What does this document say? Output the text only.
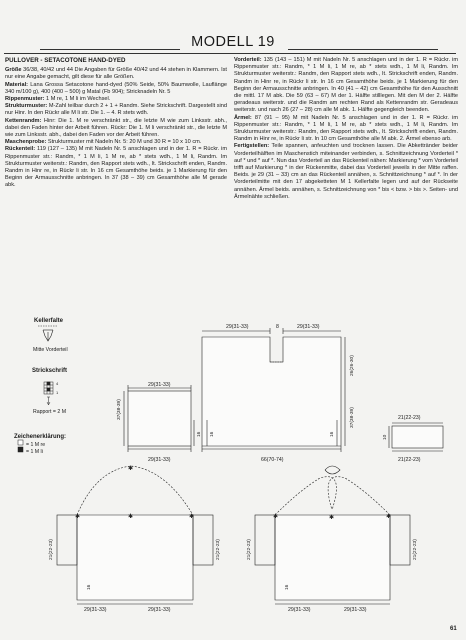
MODELL 19

PULLOVER - SETACOTONE HAND-DYED

Größe 36/38, 40/42 und 44 Die Angaben für Größe 40/42 und 44 stehen in Klammern. Ist nur eine Angabe gemacht, gilt diese für alle Größen.

Material: Lana Grossa Setacotone hand-dyed (50% Seide, 50% Baumwolle, Lauflänge 340 m/100 g), 400 (400 – 500) g Matal (Fb 904); Stricknadeln Nr. 5

Rippenmuster: 1 M re, 1 M li im Wechsel.

Strukturmuster: M-Zahl teilbar durch 2 + 1 + Randm. Siehe Strickschrift. Dargestellt sind nur Hinr. In den Rückr alle M li str. Die 1. – 4. R stets wdh.

Kettenrandm: Hinr: Die 1. M re verschränkt str., die letzte M wie zum Linksstr. abh., dabei den Faden hinter der Arbeit führen. Rückr: Die 1. M li verschränkt str., die letzte M wie zum Linksstr. abh., dabei den Faden vor der Arbeit führen.

Maschenprobe: Strukturmuster mit Nadeln Nr. 5: 20 M und 30 R = 10 x 10 cm.

Rückenteil: 119 (127 – 135) M mit Nadeln Nr. 5 anschlagen und in der 1. R = Rückr. im Rippenmuster str.: Randm, * 1 M li, 1 M re, ab * stets wdh., 1 M li, Randm. Im Strukturmuster weiterstr.: Randm, den Rapport stets wdh., It. Strickschrift enden, Randm. Randm in Hinr re, in Rückr li str. In 16 cm Gesamthöhe beids. je 1 Markierung für den Beginn der Armausschnitte anbringen. In 37 (38 – 39) cm Gesamthöhe alle M gerade abk.

Vorderteil: 135 (143 – 151) M mit Nadeln Nr. 5 anschlagen und in der 1. R = Rückr. im Rippenmuster str.: Randm, * 1 M li, 1 M re, ab * stets wdh., 1 M li, Randm. Im Strukturmuster weiterstr.: Randm, den Rapport stets wdh., It. Strickschrift enden, Randm. Randm in Hinr re, in Rückr li str. In 16 cm Gesamthöhe beids. je 1 Markierung für den Beginn der Armausschnitte anbringen. In 40 (41 – 42) cm Gesamthöhe für den Ausschnitt die mittl. 17 M abk. Die 59 (63 – 67) M der 1. Hälfte stilllegen. Mit den M der 2. Hälfte geradeaus weiterstr. und die Randm am rechten Rand als Kettenrandm str. Geradeaus weiterstr. und nach 26 (27 – 28) cm alle M abk. 1. Hälfte gegengleich beenden.

Ärmel: 87 (91 – 95) M mit Nadeln Nr. 5 anschlagen und in der 1. R = Rückr. im Rippenmuster str.: Randm, * 1 M li, 1 M re, ab * stets wdh., 1 M li, Randm. Im Strukturmuster weiterstr.: Randm, den Rapport stets wdh., It. Strickschrift enden, Randm. Randm in Hinr re, in Rückr li str. In 10 cm Gesamthöhe alle M abk. 2. Ärmel ebenso arb.

Fertigstellen: Teile spannen, anfeuchten und trocknen lassen. Die Abkettränder beider Vorderteilhälften im Maschenstich miteinander verbinden, s. Schnittzeichnung Vorderteil * auf * und * auf *. Nun das Vorderteil an das Rückenteil nähen: Markierung * vom Vorderteil trifft auf Markierung * in der Rückenmitte, dabei das Vorderteil jeweils in der Mitte raffen. Beids. je 29 (31 – 33) cm an das Rückenteil annähen, s. Schnittzeichnung * auf *. In der Vorderteilmitte mit den 17 abgeketteten M 1 Kellerfalte legen und auf der Rückseite annähen. Ärmel beids. annähen, s. Schnittzeichnung von * bis < bzw. > bis >. Seiten- und Ärmelnähte schließen.

Kellerfalte
Mitte Vorderteil
Strickschrift
Rapport = 2 M
Zeichenerklärung:
= 1 M re
= 1 M li
29(31-33)
29(31-33)
29(31-33)	8	29(31-33)
66(70-74)
21(22-23)
21(22-23)
29(31-33)	29(31-33)	29(31-33)	29(31-33)
4
1
37(38-39)
16
26(26-30)
37(38-39)
16	16
10
✱
✱
✱	✱
21(22-23)	21(22-23)
16
✱
✱	✱
21(22-23)	21(22-23)
16
61
